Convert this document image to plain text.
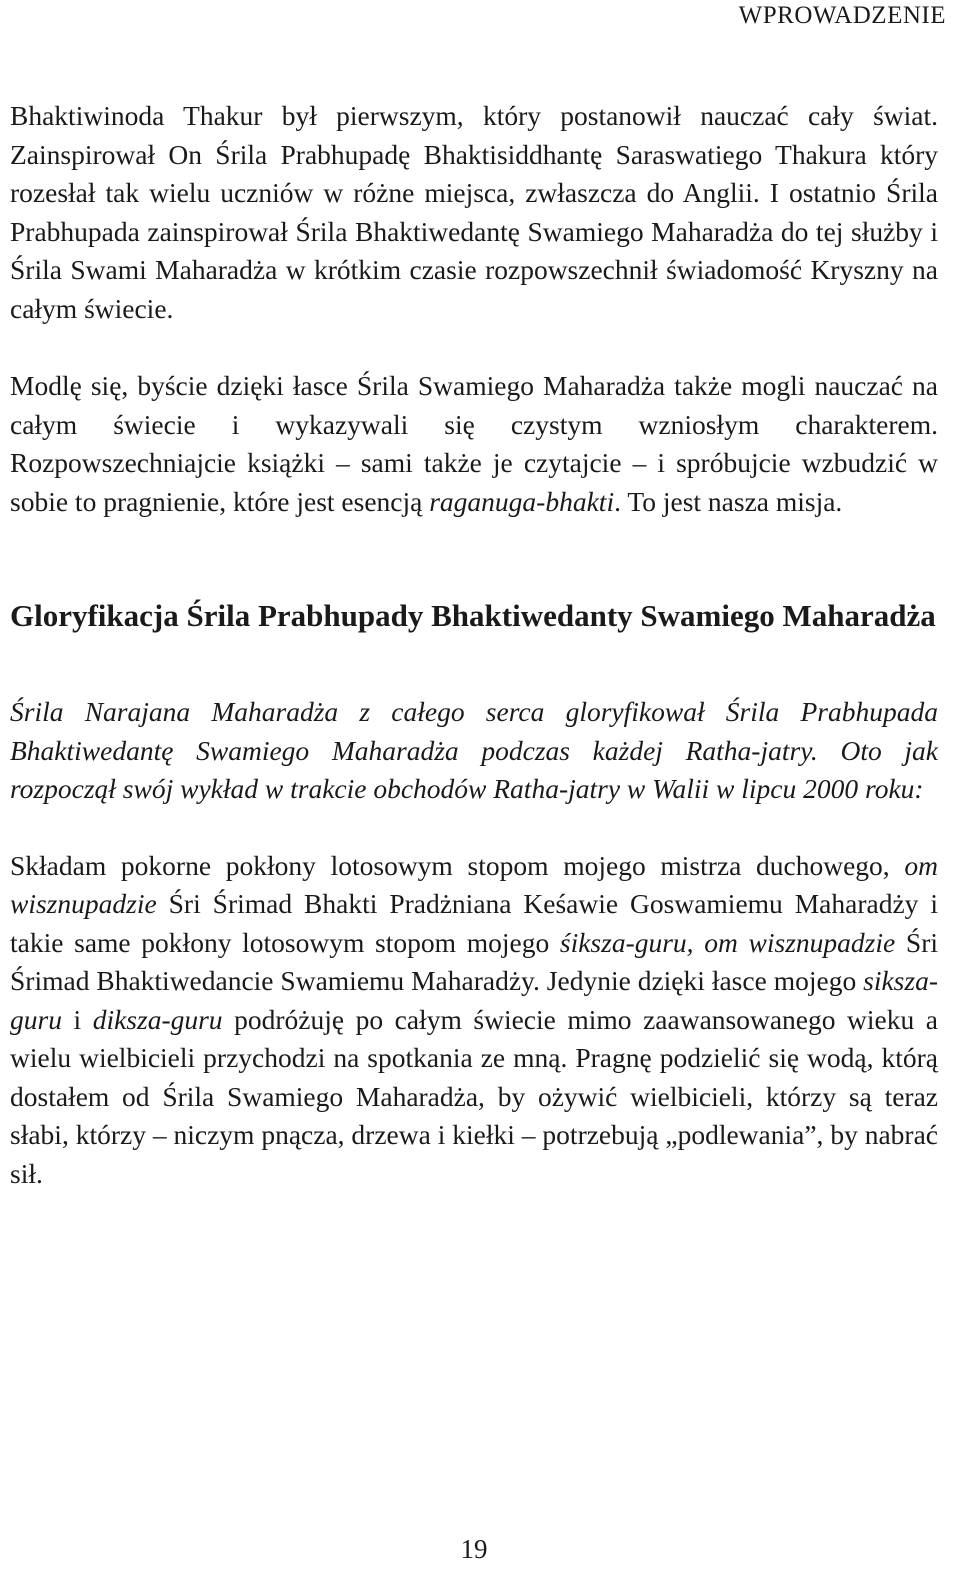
WPROWADZENIE

Bhaktiwinoda Thakur był pierwszym, który postanowił nauczać cały świat. Zainspirował On Śrila Prabhupadę Bhaktisiddhantę Saraswatiego Thakura który rozesłał tak wielu uczniów w różne miejsca, zwłaszcza do Anglii. I ostatnio Śrila Prabhupada zainspirował Śrila Bhaktiwedantę Swamiego Maharadża do tej służby i Śrila Swami Maharadża w krótkim czasie rozpowszechnił świadomość Kryszny na całym świecie.

Modlę się, byście dzięki łasce Śrila Swamiego Maharadża także mogli nauczać na całym świecie i wykazywali się czystym wzniosłym charakterem. Rozpowszechniajcie książki – sami także je czytajcie – i spróbujcie wzbudzić w sobie to pragnienie, które jest esencją raganuga-bhakti. To jest nasza misja.

Gloryfikacja Śrila Prabhupady Bhaktiwedanty Swamiego Maharadża

Śrila Narajana Maharadża z całego serca gloryfikował Śrila Prabhupada Bhaktiwedantę Swamiego Maharadża podczas każdej Ratha-jatry. Oto jak rozpoczął swój wykład w trakcie obchodów Ratha-jatry w Walii w lipcu 2000 roku:

Składam pokorne pokłony lotosowym stopom mojego mistrza duchowego, om wisznupadzie Śri Śrimad Bhakti Pradżniana Keśawie Goswamiemu Maharadży i takie same pokłony lotosowym stopom mojego śiksza-guru, om wisznupadzie Śri Śrimad Bhaktiwedancie Swamiemu Maharadży. Jedynie dzięki łasce mojego siksza-guru i diksza-guru podróżuję po całym świecie mimo zaawansowanego wieku a wielu wielbicieli przychodzi na spotkania ze mną. Pragnę podzielić się wodą, którą dostałem od Śrila Swamiego Maharadża, by ożywić wielbicieli, którzy są teraz słabi, którzy – niczym pnącza, drzewa i kiełki – potrzebują „podlewania”, by nabrać sił.

19
